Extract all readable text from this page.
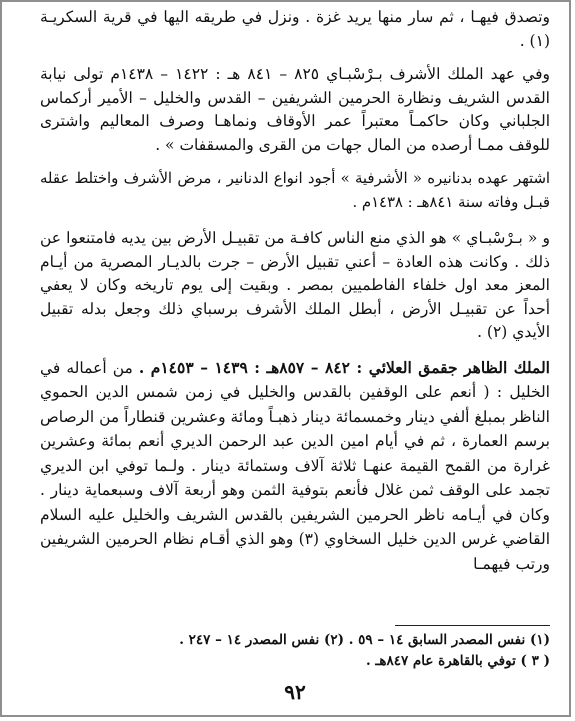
وتصدق فيهـا ، ثم سار منها يريد غزة . ونزل في طريقه اليها في قرية السكريـة (١) .

وفي عهد الملك الأشرف بـرْسْبـاي ٨٢٥ – ٨٤١ هـ : ١٤٢٢ – ١٤٣٨م تولى نيابة القدس الشريف ونظارة الحرمين الشريفين – القدس والخليل – الأمير أركماس الجلباني وكان حاكمـاً معتبراً عمر الأوقاف ونماهـا وصرف المعاليم واشترى للوقف ممـا أرصده من المال جهات من القرى والمسقفات » .

اشتهر عهده بدنانيره « الأشرفية » أجود انواع الدنانير ، مرض الأشرف واختلط عقله قبـل وفاته سنة ٨٤١هـ : ١٤٣٨م .

و « بـرْسْبـاي » هو الذي منع الناس كافـة من تقبيـل الأرض بين يديه فامتنعوا عن ذلك . وكانت هذه العادة – أعني تقبيل الأرض – جرت بالديـار المصرية من أيـام المعز معد اول خلفاء الفاطميين بمصر . وبقيت إلى يوم تاريخه وكان لا يعفي أحداً عن تقبيـل الأرض ، أبطل الملك الأشرف برسباي ذلك وجعل بدله تقبيل الأيدي (٢) .

الملك الظاهر جقمق العلائي : ٨٤٢ – ٨٥٧هـ : ١٤٣٩ – ١٤٥٣م . من أعماله في الخليل : ( أنعم على الوقفين بالقدس والخليل في زمن شمس الدين الحموي الناظر بمبلغ ألفي دينار وخمسمائة دينار ذهبـاً ومائة وعشرين قنطاراً من الرصاص برسم العمارة ، ثم في أيام امين الدين عبد الرحمن الديري أنعم بمائة وعشرين غرارة من القمح القيمة عنهـا ثلاثة آلاف وستمائة دينار . ولـما توفي ابن الديري تجمد على الوقف ثمن غلال فأنعم بتوفية الثمن وهو أربعة آلاف وسبعماية دينار . وكان في أيـامه ناظر الحرمين الشريفين بالقدس الشريف والخليل عليه السلام القاضي غرس الدين خليل السخاوي (٣) وهو الذي أقـام نظام الحرمين الشريفين ورتب فيهمـا

(١) نفس المصدر السابق ١٤ – ٥٩ . (٢) نفس المصدر ١٤ – ٢٤٧ .

( ٣ ) توفي بالقاهرة عام ٨٤٧هـ .

٩٢
